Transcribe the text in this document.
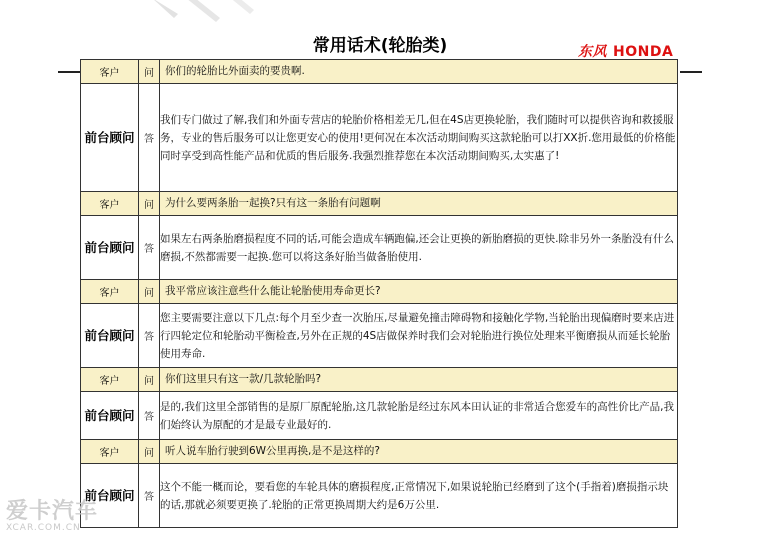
常用话术(轮胎类)	东风 HONDA
客户	问	你们的轮胎比外面卖的要贵啊.
前台顾问	答	我们专门做过了解,我们和外面专营店的轮胎价格相差无几,但在4S店更换轮胎，我们随时可以提供咨询和救援服务，专业的售后服务可以让您更安心的使用!更何况在本次活动期间购买这款轮胎可以打XX折.您用最低的价格能同时享受到高性能产品和优质的售后服务.我强烈推荐您在本次活动期间购买,太实惠了!
客户	问	为什么要两条胎一起换?只有这一条胎有问题啊
前台顾问	答	如果左右两条胎磨损程度不同的话,可能会造成车辆跑偏,还会让更换的新胎磨损的更快.除非另外一条胎没有什么磨损,不然都需要一起换.您可以将这条好胎当做备胎使用.
客户	问	我平常应该注意些什么能让轮胎使用寿命更长?
前台顾问	答	您主要需要注意以下几点:每个月至少查一次胎压,尽量避免撞击障碍物和接触化学物,当轮胎出现偏磨时要来店进行四轮定位和轮胎动平衡检查,另外在正规的4S店做保养时我们会对轮胎进行换位处理来平衡磨损从而延长轮胎使用寿命.
客户	问	你们这里只有这一款/几款轮胎吗?
前台顾问	答	是的,我们这里全部销售的是原厂原配轮胎,这几款轮胎是经过东风本田认证的非常适合您爱车的高性价比产品,我们始终认为原配的才是最专业最好的.
客户	问	听人说车胎行驶到6W公里再换,是不是这样的?
前台顾问	答	这个不能一概而论，要看您的车轮具体的磨损程度,正常情况下,如果说轮胎已经磨到了这个(手指着)磨损指示块的话,那就必须要更换了.轮胎的正常更换周期大约是6万公里.
爱卡汽车
XCAR.COM.CN
